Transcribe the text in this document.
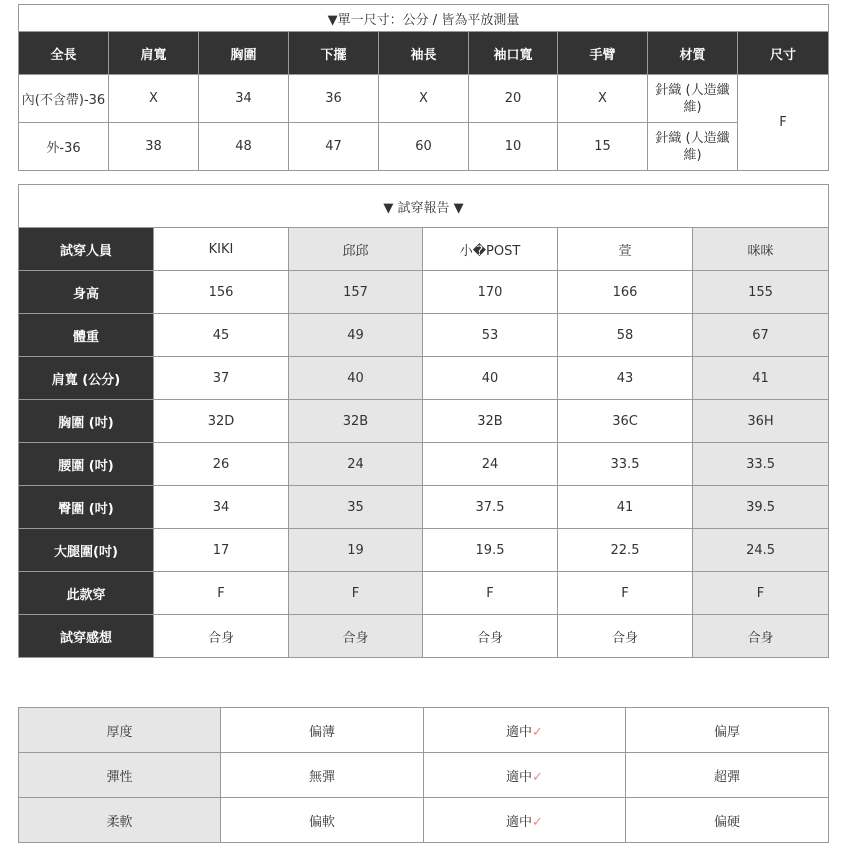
▼單一尺寸：公分 / 皆為平放測量								
全長	肩寬	胸圍	下擺	袖長	袖口寬	手臂	材質	尺寸
內(不含帶)-36	X	34	36	X	20	X	針織 (人造纖維)	F
外-36	38	48	47	60	10	15	針織 (人造纖維)	
▼ 試穿報告 ▼					
試穿人員	KIKI	邱邱	小�POST	萱	咪咪
身高	156	157	170	166	155
體重	45	49	53	58	67
肩寬 (公分)	37	40	40	43	41
胸圍 (吋)	32D	32B	32B	36C	36H
腰圍 (吋)	26	24	24	33.5	33.5
臀圍 (吋)	34	35	37.5	41	39.5
大腿圍(吋)	17	19	19.5	22.5	24.5
此款穿	F	F	F	F	F
試穿感想	合身	合身	合身	合身	合身
厚度	偏薄	適中✓	偏厚
彈性	無彈	適中✓	超彈
柔軟	偏軟	適中✓	偏硬
